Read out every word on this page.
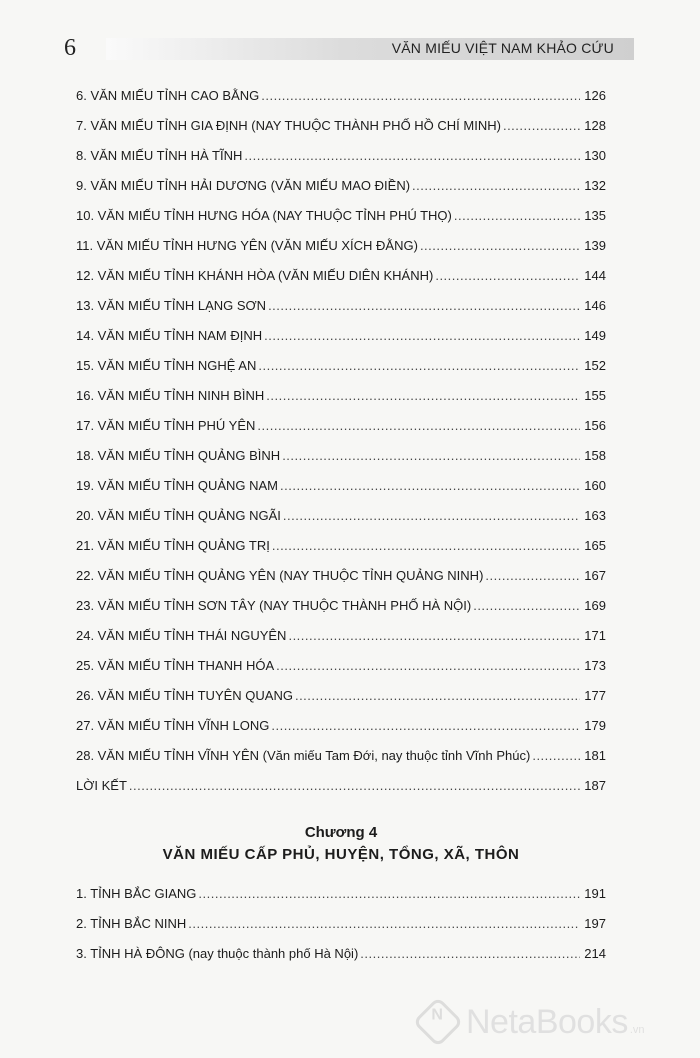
6	VĂN MIẾU VIỆT NAM KHẢO CỨU
6. VĂN MIẾU TỈNH CAO BẰNG .....	126
7. VĂN MIẾU TỈNH GIA ĐỊNH (NAY THUỘC THÀNH PHỐ HỒ CHÍ MINH) .....	128
8. VĂN MIẾU TỈNH HÀ TĨNH .....	130
9. VĂN MIẾU TỈNH HẢI DƯƠNG (VĂN MIẾU MAO ĐIỀN) .....	132
10. VĂN MIẾU TỈNH HƯNG HÓA (NAY THUỘC TỈNH PHÚ THỌ) .....	135
11. VĂN MIẾU TỈNH HƯNG YÊN (VĂN MIẾU XÍCH ĐẰNG) .....	139
12. VĂN MIẾU TỈNH KHÁNH HÒA (VĂN MIẾU DIÊN KHÁNH) .....	144
13. VĂN MIẾU TỈNH LẠNG SƠN .....	146
14. VĂN MIẾU TỈNH NAM ĐỊNH .....	149
15. VĂN MIẾU TỈNH NGHỆ AN .....	152
16. VĂN MIẾU TỈNH NINH BÌNH .....	155
17. VĂN MIẾU TỈNH PHÚ YÊN .....	156
18. VĂN MIẾU TỈNH QUẢNG BÌNH .....	158
19. VĂN MIẾU TỈNH QUẢNG NAM .....	160
20. VĂN MIẾU TỈNH QUẢNG NGÃI .....	163
21. VĂN MIẾU TỈNH QUẢNG TRỊ .....	165
22. VĂN MIẾU TỈNH QUẢNG YÊN (NAY THUỘC TỈNH QUẢNG NINH) .....	167
23. VĂN MIẾU TỈNH SƠN TÂY (NAY THUỘC THÀNH PHỐ HÀ NỘI) .....	169
24. VĂN MIẾU TỈNH THÁI NGUYÊN .....	171
25. VĂN MIẾU TỈNH THANH HÓA .....	173
26. VĂN MIẾU TỈNH TUYÊN QUANG .....	177
27. VĂN MIẾU TỈNH VĨNH LONG .....	179
28. VĂN MIẾU TỈNH VĨNH YÊN (Văn miếu Tam Đới, nay thuộc tỉnh Vĩnh Phúc) .....	181
LỜI KẾT .....	187
Chương 4
VĂN MIẾU CẤP PHỦ, HUYỆN, TỔNG, XÃ, THÔN
1. TỈNH BẮC GIANG .....	191
2. TỈNH BẮC NINH .....	197
3. TỈNH HÀ ĐÔNG (nay thuộc thành phố Hà Nội) .....	214
N NetaBooks .vn
